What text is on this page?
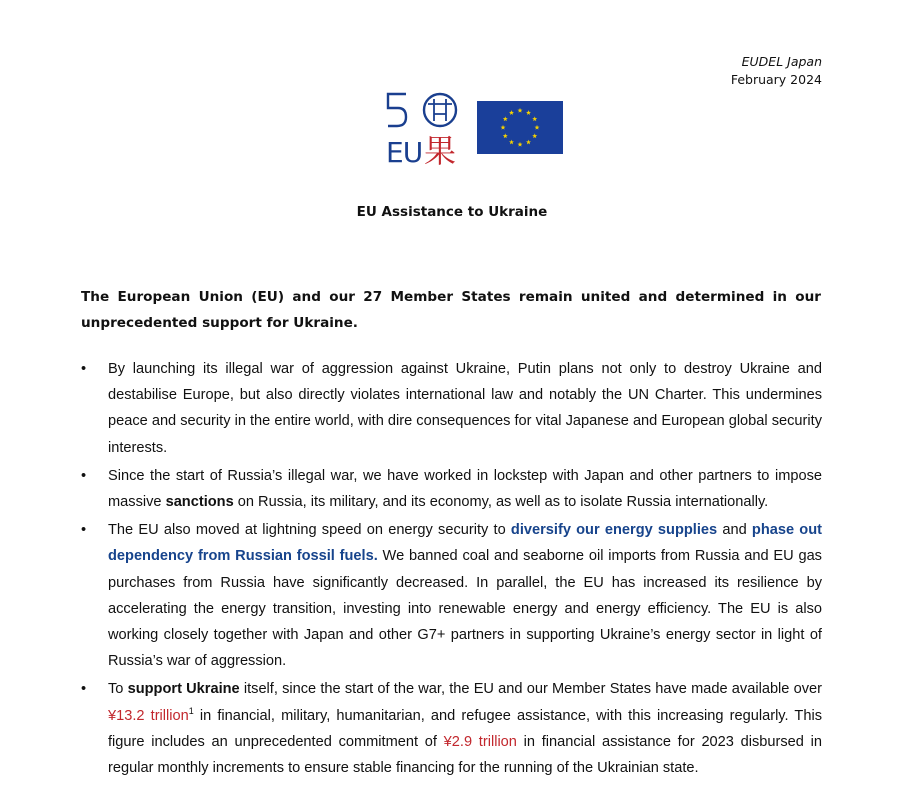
EUDEL Japan
February 2024
EU 果
EU Assistance to Ukraine
The European Union (EU) and our 27 Member States remain united and determined in our unprecedented support for Ukraine.
• By launching its illegal war of aggression against Ukraine, Putin plans not only to destroy Ukraine and destabilise Europe, but also directly violates international law and notably the UN Charter. This undermines peace and security in the entire world, with dire consequences for vital Japanese and European global security interests.
• Since the start of Russia’s illegal war, we have worked in lockstep with Japan and other partners to impose massive sanctions on Russia, its military, and its economy, as well as to isolate Russia internationally.
• The EU also moved at lightning speed on energy security to diversify our energy supplies and phase out dependency from Russian fossil fuels. We banned coal and seaborne oil imports from Russia and EU gas purchases from Russia have significantly decreased. In parallel, the EU has increased its resilience by accelerating the energy transition, investing into renewable energy and energy efficiency. The EU is also working closely together with Japan and other G7+ partners in supporting Ukraine’s energy sector in light of Russia’s war of aggression.
• To support Ukraine itself, since the start of the war, the EU and our Member States have made available over ¥13.2 trillion$^1$ in financial, military, humanitarian, and refugee assistance, with this increasing regularly. This figure includes an unprecedented commitment of ¥2.9 trillion in financial assistance for 2023 disbursed in regular monthly increments to ensure stable financing for the running of the Ukrainian state.
